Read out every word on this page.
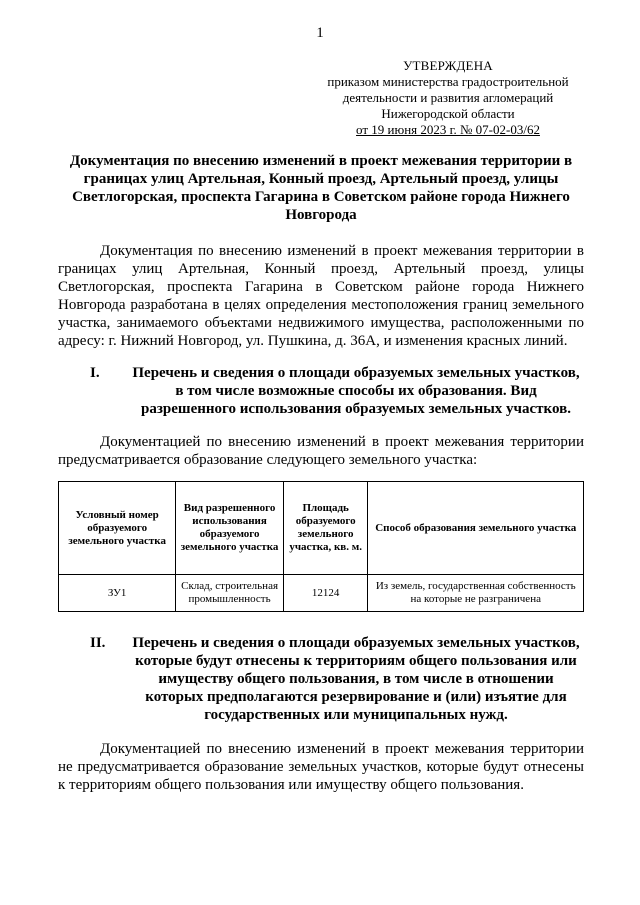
1
УТВЕРЖДЕНА
приказом министерства градостроительной
деятельности и развития агломераций
Нижегородской области
от 19 июня 2023 г. № 07-02-03/62
Документация по внесению изменений в проект межевания территории в границах улиц Артельная, Конный проезд, Артельный проезд, улицы Светлогорская, проспекта Гагарина в Советском районе города Нижнего Новгорода
Документация по внесению изменений в проект межевания территории в границах улиц Артельная, Конный проезд, Артельный проезд, улицы Светлогорская, проспекта Гагарина в Советском районе города Нижнего Новгорода разработана в целях определения местоположения границ земельного участка, занимаемого объектами недвижимого имущества, расположенными по адресу: г. Нижний Новгород, ул. Пушкина, д. 36А, и изменения красных линий.
I. Перечень и сведения о площади образуемых земельных участков, в том числе возможные способы их образования. Вид разрешенного использования образуемых земельных участков.
Документацией по внесению изменений в проект межевания территории предусматривается образование следующего земельного участка:
Условный номер образуемого земельного участка	Вид разрешенного использования образуемого земельного участка	Площадь образуемого земельного участка, кв. м.	Способ образования земельного участка
ЗУ1	Склад, строительная промышленность	12124	Из земель, государственная собственность на которые не разграничена
II. Перечень и сведения о площади образуемых земельных участков, которые будут отнесены к территориям общего пользования или имуществу общего пользования, в том числе в отношении которых предполагаются резервирование и (или) изъятие для государственных или муниципальных нужд.
Документацией по внесению изменений в проект межевания территории не предусматривается образование земельных участков, которые будут отнесены к территориям общего пользования или имуществу общего пользования.
